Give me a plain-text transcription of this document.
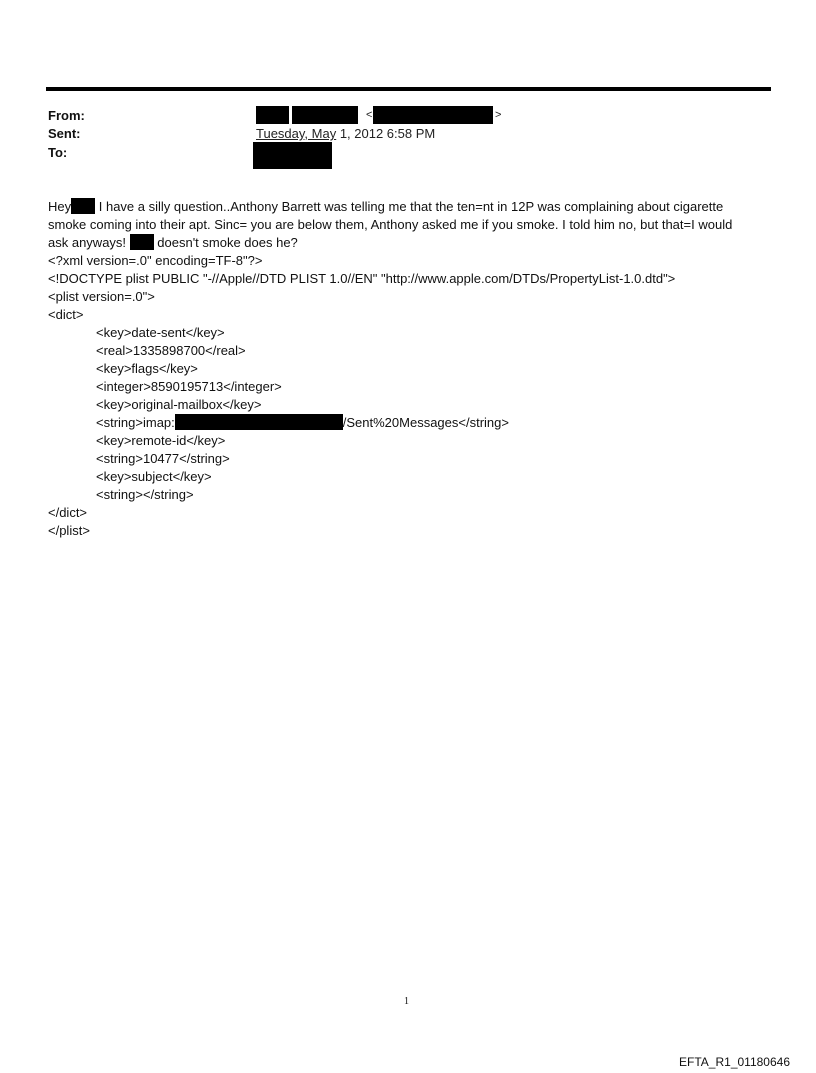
From:
Sent:
To:
<	>
Tuesday, May 1, 2012 6:58 PM
Hey I have a silly question..Anthony Barrett was telling me that the ten=nt in 12P was complaining about cigarette
smoke coming into their apt. Sinc= you are below them, Anthony asked me if you smoke. I told him no, but that=I would
ask anyways!  doesn't smoke does he?
<?xml version=.0" encoding=TF-8"?>
<!DOCTYPE plist PUBLIC "-//Apple//DTD PLIST 1.0//EN" "http://www.apple.com/DTDs/PropertyList-1.0.dtd">
<plist version=.0">
<dict>
<key>date-sent</key>
<real>1335898700</real>
<key>flags</key>
<integer>8590195713</integer>
<key>original-mailbox</key>
<string>imap:	/Sent%20Messages</string>
<key>remote-id</key>
<string>10477</string>
<key>subject</key>
<string></string>
</dict>
</plist>
1
EFTA_R1_01180646
